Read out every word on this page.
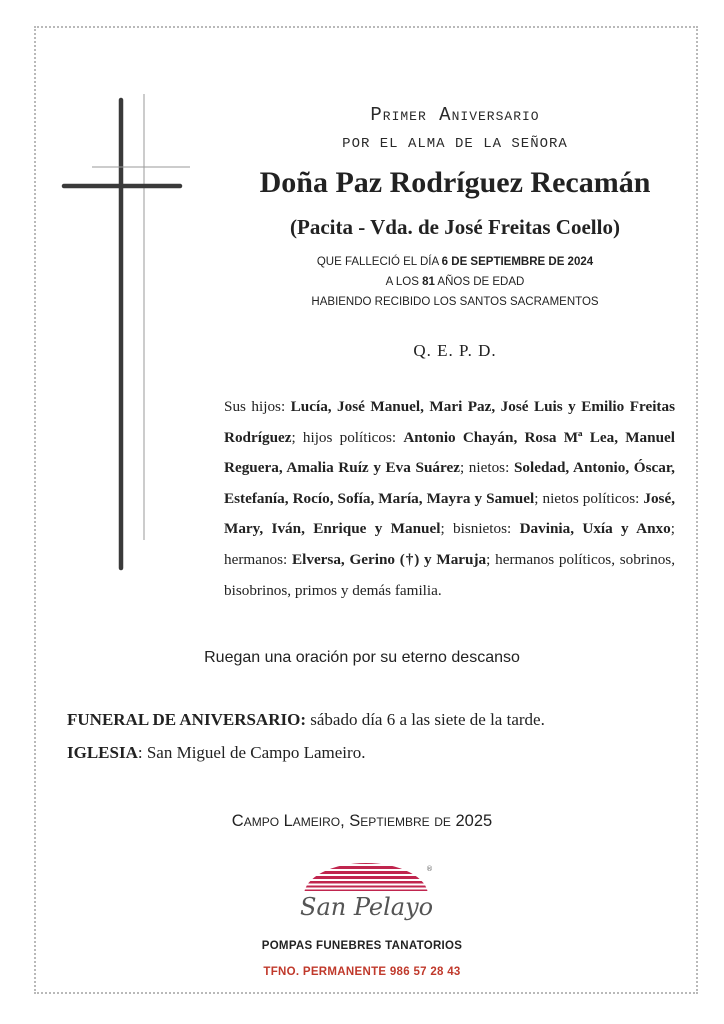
Primer Aniversario

POR EL ALMA DE LA SEÑORA

Doña Paz Rodríguez Recamán

(Pacita - Vda. de José Freitas Coello)

QUE FALLECIÓ EL DÍA 6 DE SEPTIEMBRE DE 2024

A LOS 81 AÑOS DE EDAD

HABIENDO RECIBIDO LOS SANTOS SACRAMENTOS

Q. E. P. D.

Sus hijos: Lucía, José Manuel, Mari Paz, José Luis y Emilio Freitas Rodríguez; hijos políticos: Antonio Chayán, Rosa Mª Lea, Manuel Reguera, Amalia Ruíz y Eva Suárez; nietos: Soledad, Antonio, Óscar, Estefanía, Rocío, Sofía, María, Mayra y Samuel; nietos políticos: José, Mary, Iván, Enrique y Manuel; bisnietos: Davinia, Uxía y Anxo; hermanos: Elversa, Gerino (†) y Maruja; hermanos políticos, sobrinos, bisobrinos, primos y demás familia.

Ruegan una oración por su eterno descanso

FUNERAL DE ANIVERSARIO: sábado día 6 a las siete de la tarde.

IGLESIA: San Miguel de Campo Lameiro.

Campo Lameiro, Septiembre de 2025

San Pelayo
®

POMPAS FUNEBRES TANATORIOS

TFNO. PERMANENTE 986 57 28 43
